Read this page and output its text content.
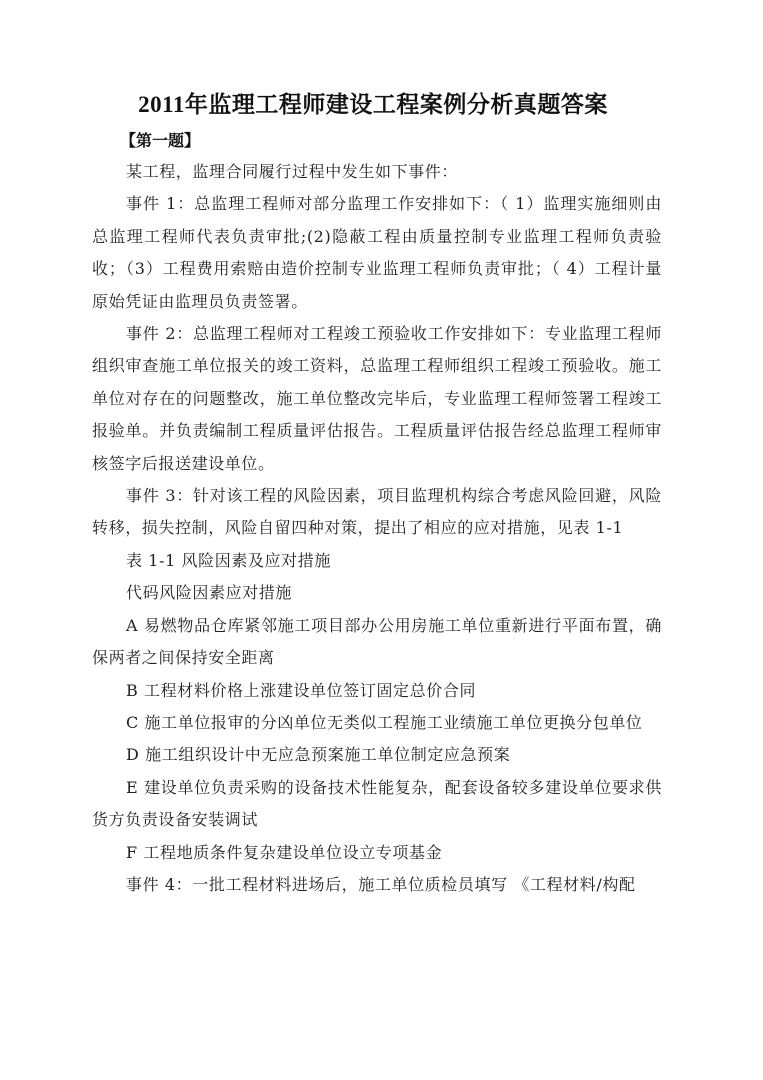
2011年监理工程师建设工程案例分析真题答案
【第一题】

某工程，监理合同履行过程中发生如下事件：

事件 1：总监理工程师对部分监理工作安排如下：（ 1）监理实施细则由总监理工程师代表负责审批;(2)隐蔽工程由质量控制专业监理工程师负责验收；（3）工程费用索赔由造价控制专业监理工程师负责审批；（ 4）工程计量原始凭证由监理员负责签署。

事件 2：总监理工程师对工程竣工预验收工作安排如下：专业监理工程师组织审查施工单位报关的竣工资料，总监理工程师组织工程竣工预验收。施工单位对存在的问题整改，施工单位整改完毕后，专业监理工程师签署工程竣工报验单。并负责编制工程质量评估报告。工程质量评估报告经总监理工程师审核签字后报送建设单位。

事件 3：针对该工程的风险因素，项目监理机构综合考虑风险回避，风险转移，损失控制，风险自留四种对策，提出了相应的应对措施，见表 1-1

表 1-1 风险因素及应对措施

代码风险因素应对措施

A 易燃物品仓库紧邻施工项目部办公用房施工单位重新进行平面布置，确保两者之间保持安全距离

B 工程材料价格上涨建设单位签订固定总价合同

C 施工单位报审的分凶单位无类似工程施工业绩施工单位更换分包单位

D 施工组织设计中无应急预案施工单位制定应急预案

E 建设单位负责采购的设备技术性能复杂，配套设备较多建设单位要求供货方负责设备安装调试

F 工程地质条件复杂建设单位设立专项基金

事件 4：一批工程材料进场后，施工单位质检员填写 《工程材料/构配
